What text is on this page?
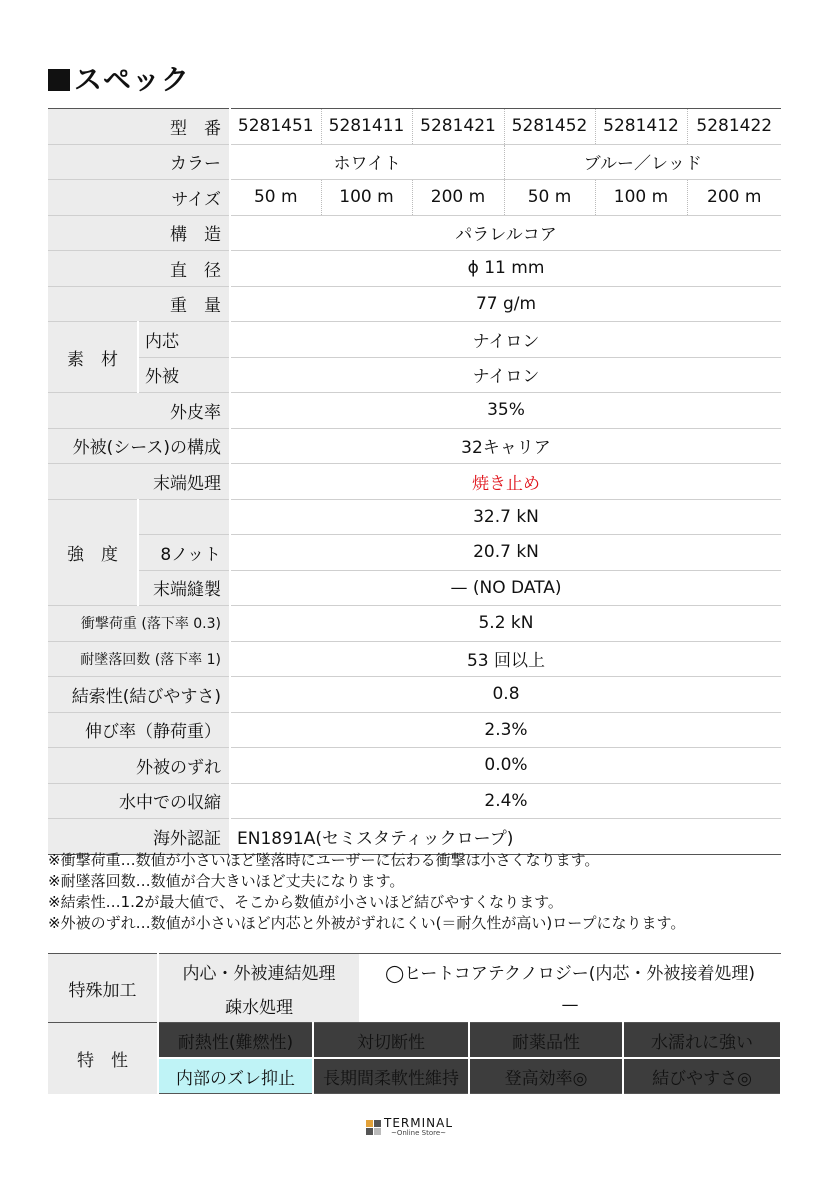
スペック
型　番		5281451	5281411	5281421	5281452	5281412	5281422
カラー		ホワイト			ブルー／レッド		
サイズ		50 m	100 m	200 m	50 m	100 m	200 m
構　造		パラレルコア					
直　径		ϕ 11 mm					
重　量		77 g/m					
素　材	内芯	ナイロン					
	外被	ナイロン					
外皮率		35%					
外被(シース)の構成		32キャリア					
末端処理		焼き止め					
強　度		32.7 kN					
	8ノット	20.7 kN					
	末端縫製	— (NO DATA)					
衝撃荷重 (落下率 0.3)		5.2 kN					
耐墜落回数 (落下率 1)		53 回以上					
結索性(結びやすさ)		0.8					
伸び率（静荷重）		2.3%					
外被のずれ		0.0%					
水中での収縮		2.4%					
海外認証		EN1891A(セミスタティックロープ)					
※衝撃荷重…数値が小さいほど墜落時にユーザーに伝わる衝撃は小さくなります。
※耐墜落回数…数値が合大きいほど丈夫になります。
※結索性…1.2が最大値で、そこから数値が小さいほど結びやすくなります。
※外被のずれ…数値が小さいほど内芯と外被がずれにくい(＝耐久性が高い)ロープになります。
特殊加工	内心・外被連結処理		◯ヒートコアテクノロジー(内芯・外被接着処理)		
	疎水処理		—		
特　性	耐熱性(難燃性)	対切断性		耐薬品性	水濡れに強い
	内部のズレ抑止	長期間柔軟性維持		登高効率◎	結びやすさ◎
TERMINAL
~Online Store~
